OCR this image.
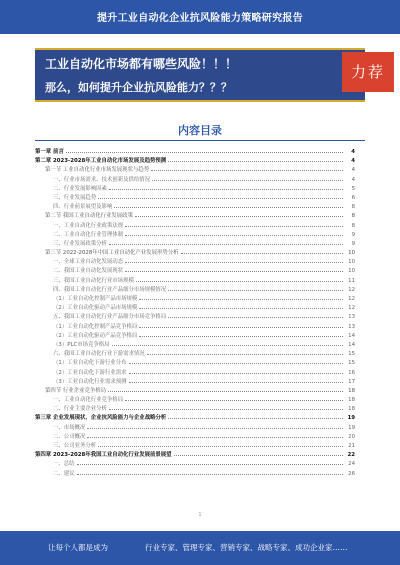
提升工业自动化企业抗风险能力策略研究报告
工业自动化市场都有哪些风险！！！
那么，如何提升企业抗风险能力？？？
力荐
内容目录
第一章 前言	4
第二章 2023-2028年工业自动化市场发展及趋势预测	4
第一节 工业自动化行业市场发展现状与趋势	4
一、行业市场需求、技术创新及供给情况	4
二、行业发展影响因素	5
三、行业发展趋势	6
四、行业前景展望及影响	8
第二节 我国工业自动化行业发展政策	8
一、工业自动化行业政策法规	8
二、工业自动化行业管理体制	9
三、行业发展政策分析	9
第三节 2022-2028年中国工业自动化产业发展形势分析	10
一、全球工业自动化发展动态	10
二、我国工业自动化发展现状	10
三、我国工业自动化行业市场规模	11
四、我国工业自动化行业产品细分市场规模情况	12
（1）工业自动化控制产品市场规模	12
（2）工业自动化驱动产品市场规模	12
五、我国工业自动化行业产品细分市场竞争格局	13
（1）工业自动化控制产品竞争格局	13
（2）工业自动化驱动产品竞争格局	14
（3）PLC市场竞争格局	14
六、我国工业自动化行业下游需求情况	15
（1）工业自动化下游行业分布	15
（2）工业自动化下游行业需求	16
（3）工业自动化行业需求预测	17
第四节 行业企业竞争格局	18
一、工业自动化行业竞争格局	18
二、行业主要企业分析	18
第三章 企业发展现状、企业抗风险能力与企业战略分析	19
一、市场概况	19
二、公司概况	20
三、公司业务分析	21
第四章 2023-2028年我国工业自动化行业发展前景展望	22
一、总结	24
二、建议	26
1
让每个人都是成为	行业专家、管理专家、营销专家、战略专家、成功企业家……
